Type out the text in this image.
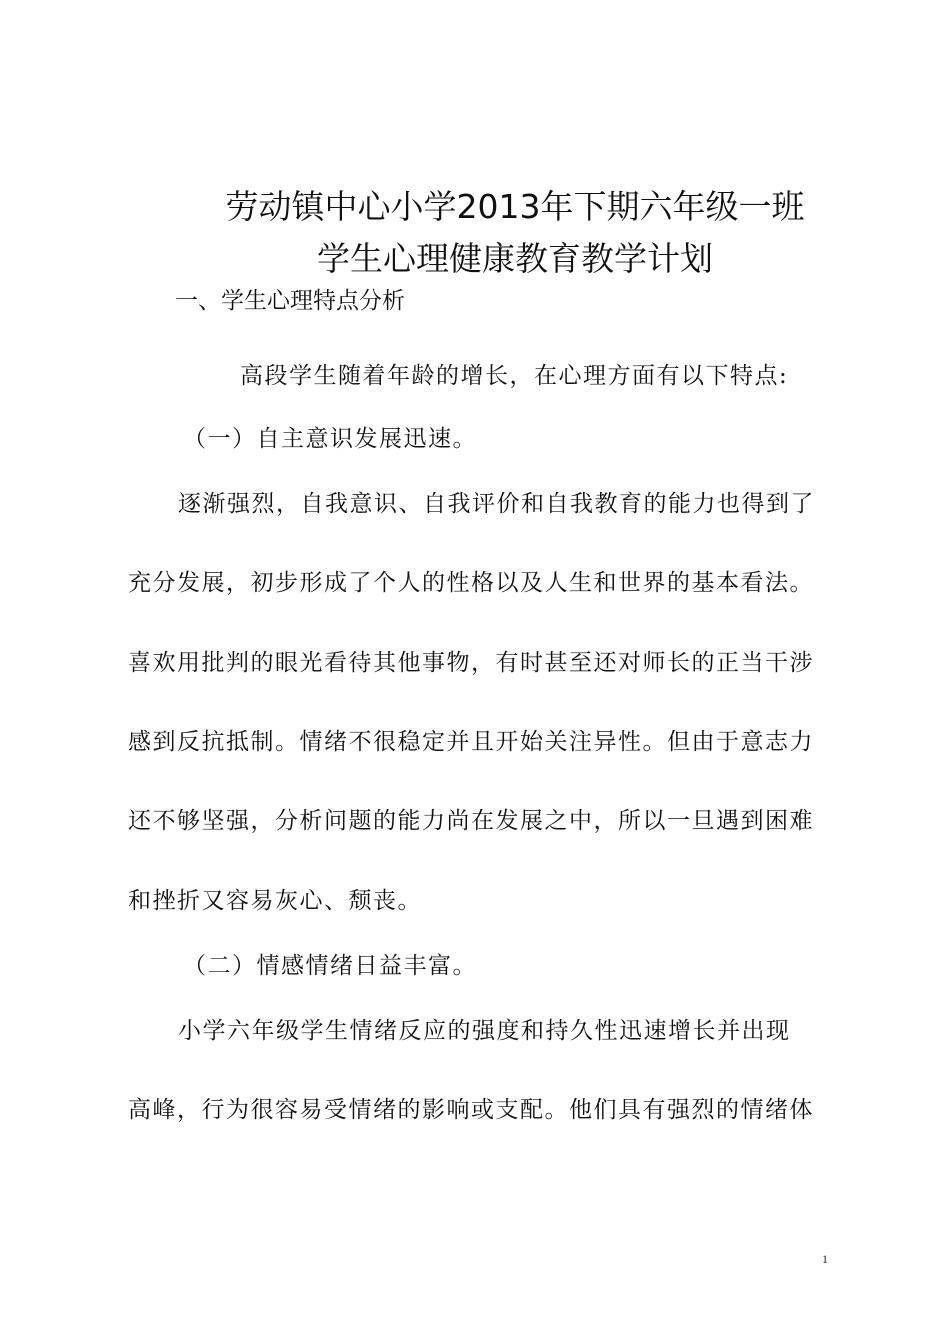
劳动镇中心小学2013年下期六年级一班
学生心理健康教育教学计划
一、学生心理特点分析
高段学生随着年龄的增长，在心理方面有以下特点:
（一）自主意识发展迅速。
逐渐强烈，自我意识、自我评价和自我教育的能力也得到了
充分发展，初步形成了个人的性格以及人生和世界的基本看法。
喜欢用批判的眼光看待其他事物，有时甚至还对师长的正当干涉
感到反抗抵制。情绪不很稳定并且开始关注异性。但由于意志力
还不够坚强，分析问题的能力尚在发展之中，所以一旦遇到困难
和挫折又容易灰心、颓丧。
（二）情感情绪日益丰富。
小学六年级学生情绪反应的强度和持久性迅速增长并出现
高峰，行为很容易受情绪的影响或支配。他们具有强烈的情绪体
1
